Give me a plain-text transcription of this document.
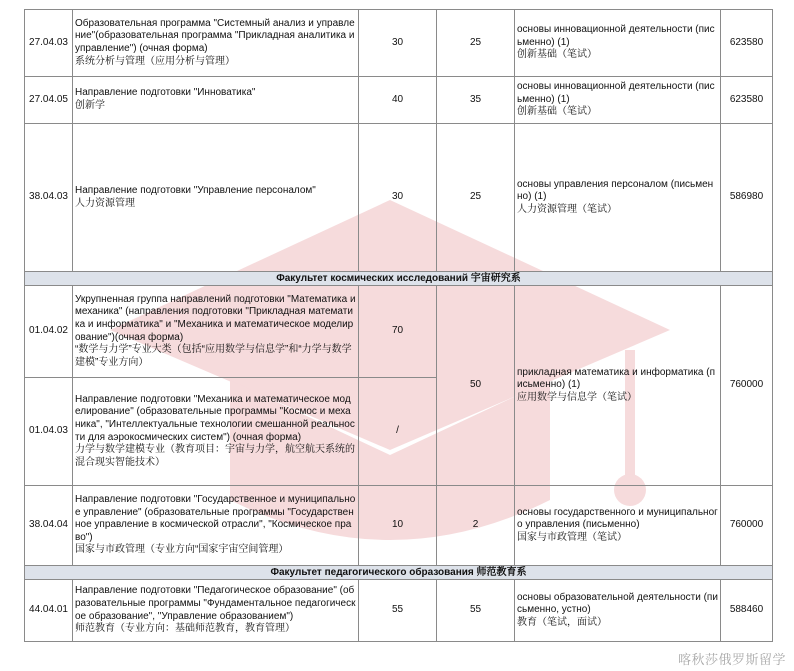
27.04.03	Образовательная программа "Системный анализ и управление"(образовательная программа "Прикладная аналитика и управление") (очная форма)
系统分析与管理（应用分析与管理）	30	25	основы инновационной деятельности (письменно) (1)
创新基础（笔试）	623580
27.04.05	Направление подготовки "Инноватика"
创新学	40	35	основы инновационной деятельности (письменно) (1)
创新基础（笔试）	623580
38.04.03	Направление подготовки "Управление персоналом"
人力资源管理	30	25	основы управления персоналом (письменно) (1)
人力资源管理（笔试）	586980
Факультет космических исследований 宇宙研究系					
01.04.02	Укрупненная группа направлений подготовки "Математика и механика" (направления подготовки "Прикладная математика и информатика" и "Механика и математическое моделирование")(очная форма)
“数学与力学”专业大类（包括“应用数学与信息学”和“力学与数学建模”专业方向）	70	50	прикладная математика и информатика (письменно) (1)
应用数学与信息学（笔试）	760000
01.04.03	Направление подготовки "Механика и математическое моделирование" (образовательные программы "Космос и механика", "Интеллектуальные технологии смешанной реальности для аэрокосмических систем") (очная форма)
力学与数学建模专业（教育项目：宇宙与力学，航空航天系统的混合现实智能技术）	/			
38.04.04	Направление подготовки "Государственное и муниципальное управление" (образовательные программы "Государственное управление в космической отрасли", "Космическое право")
国家与市政管理（专业方向“国家宇宙空间管理）	10	2	основы государственного и муниципального управления (письменно)
国家与市政管理（笔试）	760000
Факультет педагогического образования 师范教育系					
44.04.01	Направление подготовки "Педагогическое образование" (образовательные программы "Фундаментальное педагогическое образование", "Управление образованием")
师范教育（专业方向：基础师范教育，教育管理）	55	55	основы образовательной деятельности (письменно, устно)
教育（笔试，面试）	588460
喀秋莎俄罗斯留学
